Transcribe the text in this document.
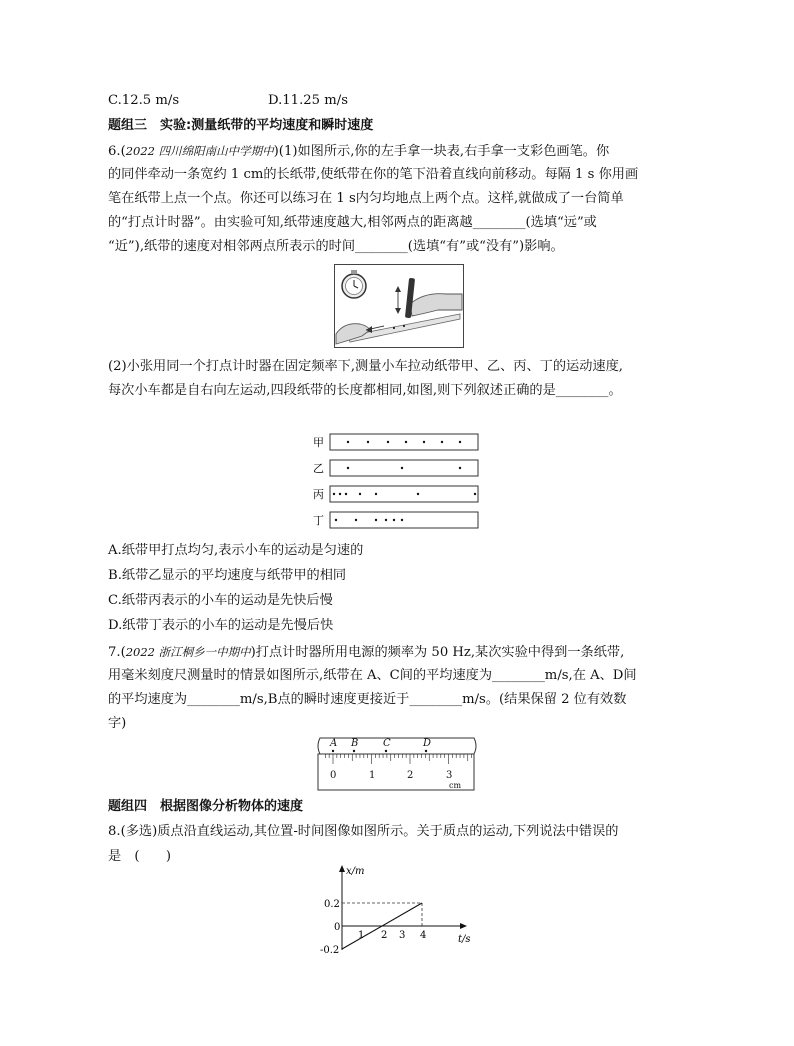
C.12.5 m/s	D.11.25 m/s
题组三　实验:测量纸带的平均速度和瞬时速度
6.(2022 四川绵阳南山中学期中)(1)如图所示,你的左手拿一块表,右手拿一支彩色画笔。你
的同伴牵动一条宽约 1 cm的长纸带,使纸带在你的笔下沿着直线向前移动。每隔 1 s 你用画
笔在纸带上点一个点。你还可以练习在 1 s内匀均地点上两个点。这样,就做成了一台简单
的“打点计时器”。由实验可知,纸带速度越大,相邻两点的距离越________(选填“远”或
“近”),纸带的速度对相邻两点所表示的时间________(选填“有”或“没有”)影响。
(2)小张用同一个打点计时器在固定频率下,测量小车拉动纸带甲、乙、丙、丁的运动速度,
每次小车都是自右向左运动,四段纸带的长度都相同,如图,则下列叙述正确的是________。
甲
乙
丙
丁
A.纸带甲打点均匀,表示小车的运动是匀速的
B.纸带乙显示的平均速度与纸带甲的相同
C.纸带丙表示的小车的运动是先快后慢
D.纸带丁表示的小车的运动是先慢后快
7.(2022 浙江桐乡一中期中)打点计时器所用电源的频率为 50 Hz,某次实验中得到一条纸带,
用毫米刻度尺测量时的情景如图所示,纸带在 A、C间的平均速度为________m/s,在 A、D间
的平均速度为________m/s,B点的瞬时速度更接近于________m/s。(结果保留 2 位有效数
字)
A B C	D
0	1	2	3
cm
题组四　根据图像分析物体的速度
8.(多选)质点沿直线运动,其位置-时间图像如图所示。关于质点的运动,下列说法中错误的
是　(　　)
x/m
t/s
0
0.2
-0.2
1 2 3 4
